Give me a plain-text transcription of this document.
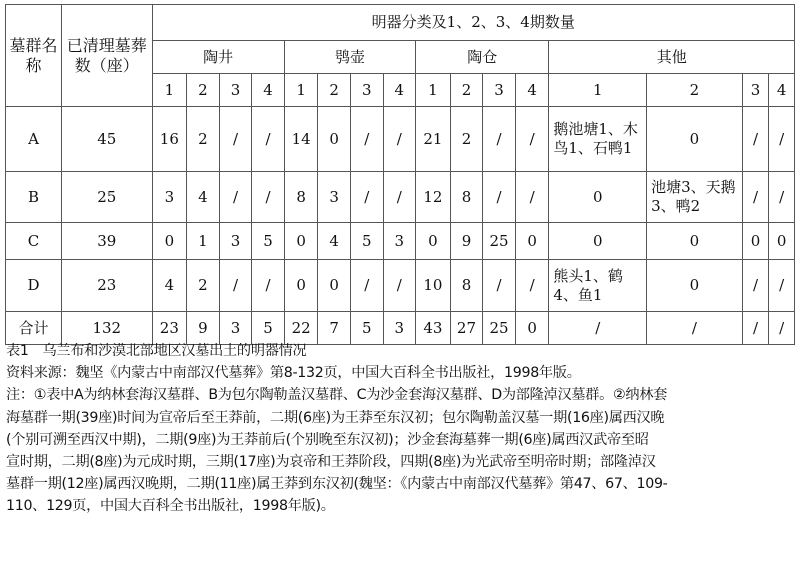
墓群名称	已清理墓葬数（座）	明器分类及1、2、3、4期数量															
		陶井				鸮壶				陶仓				其他			
		1	2	3	4	1	2	3	4	1	2	3	4	1	2	3	4
A	45	16	2	/	/	14	0	/	/	21	2	/	/	鹅池塘1、木鸟1、石鸭1	0	/	/
B	25	3	4	/	/	8	3	/	/	12	8	/	/	0	池塘3、天鹅3、鸭2	/	/
C	39	0	1	3	5	0	4	5	3	0	9	25	0	0	0	0	0
D	23	4	2	/	/	0	0	/	/	10	8	/	/	熊头1、鹤4、鱼1	0	/	/
合计	132	23	9	3	5	22	7	5	3	43	27	25	0	/	/	/	/

表1　乌兰布和沙漠北部地区汉墓出土的明器情况

资料来源：魏坚《内蒙古中南部汉代墓葬》第8-132页，中国大百科全书出版社，1998年版。

注：①表中A为纳林套海汉墓群、B为包尔陶勒盖汉墓群、C为沙金套海汉墓群、D为部隆淖汉墓群。②纳林套

海墓群一期(39座)时间为宣帝后至王莽前，二期(6座)为王莽至东汉初；包尔陶勒盖汉墓一期(16座)属西汉晚

(个别可溯至西汉中期)，二期(9座)为王莽前后(个别晚至东汉初)；沙金套海墓葬一期(6座)属西汉武帝至昭

宣时期，二期(8座)为元成时期，三期(17座)为哀帝和王莽阶段，四期(8座)为光武帝至明帝时期；部隆淖汉

墓群一期(12座)属西汉晚期，二期(11座)属王莽到东汉初(魏坚：《内蒙古中南部汉代墓葬》第47、67、109-

110、129页，中国大百科全书出版社，1998年版)。
